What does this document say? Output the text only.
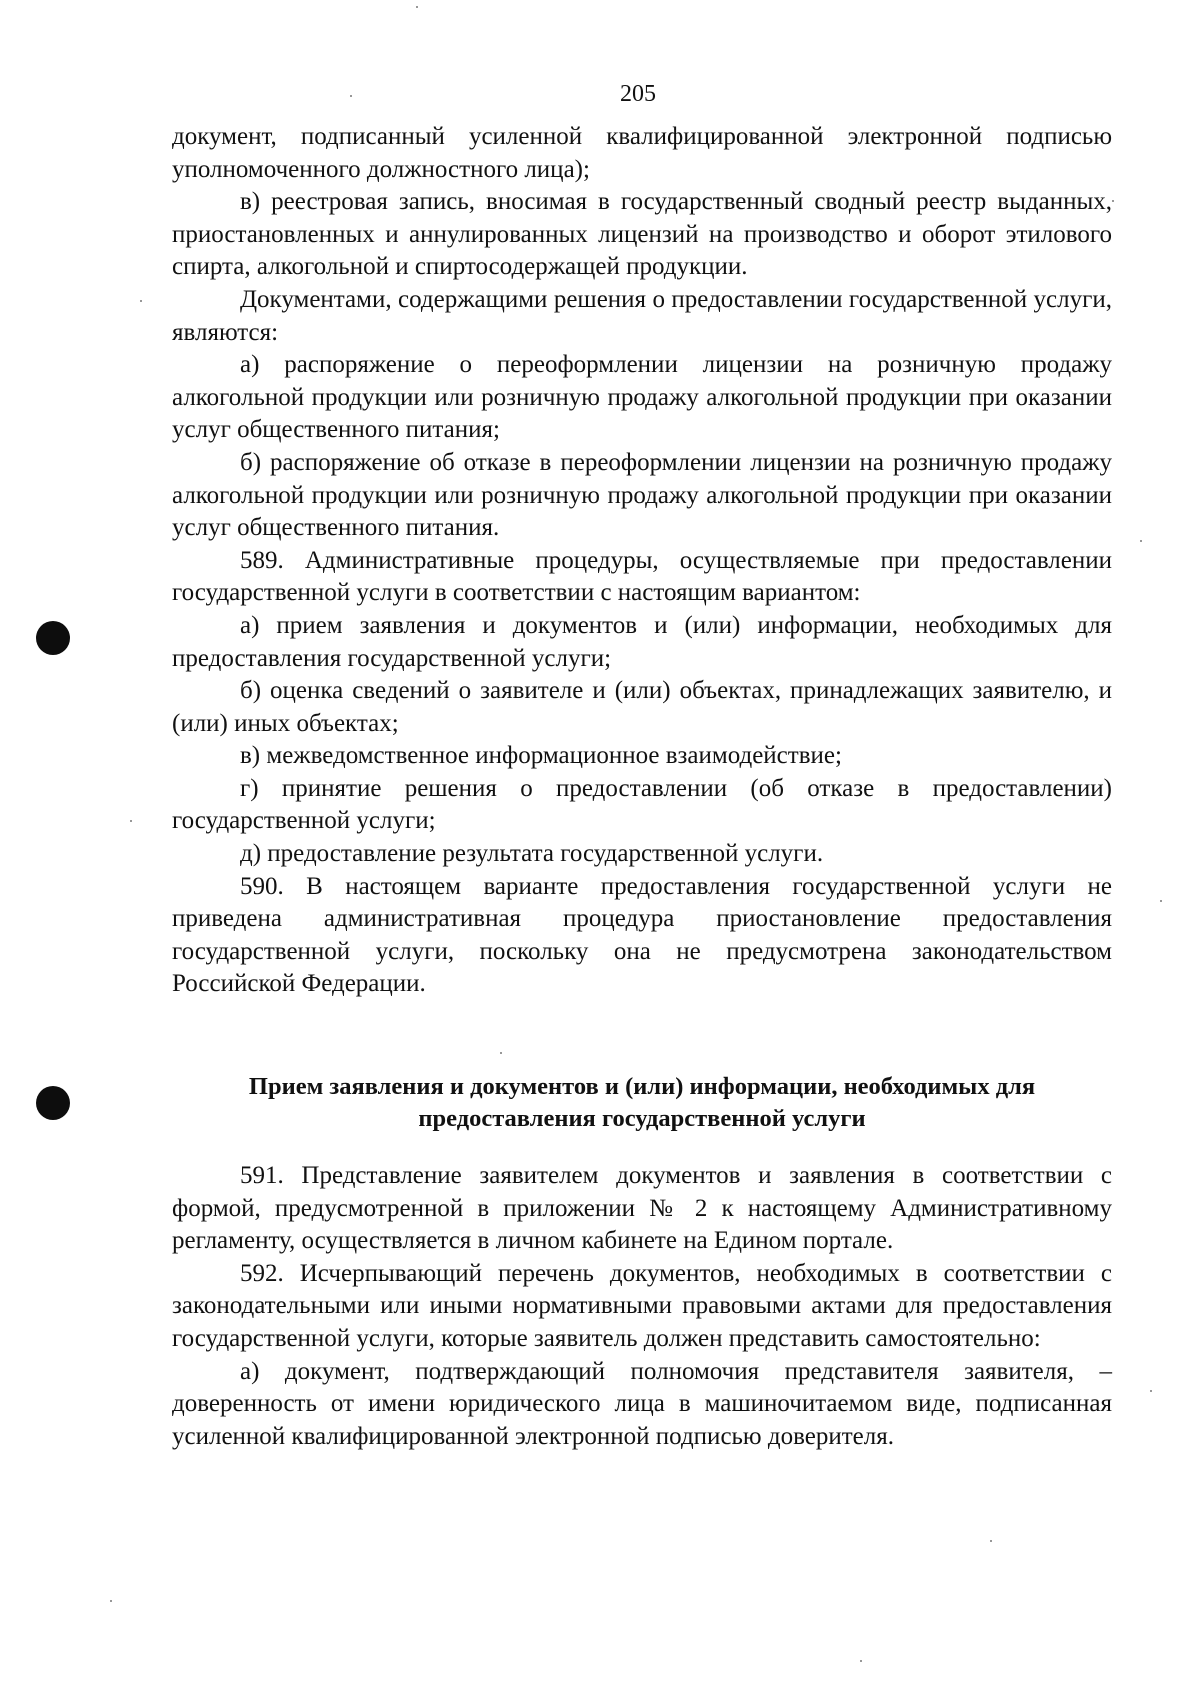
205

документ, подписанный усиленной квалифицированной электронной подписью уполномоченного должностного лица);

в) реестровая запись, вносимая в государственный сводный реестр выданных, приостановленных и аннулированных лицензий на производство и оборот этилового спирта, алкогольной и спиртосодержащей продукции.

Документами, содержащими решения о предоставлении государственной услуги, являются:

а) распоряжение о переоформлении лицензии на розничную продажу алкогольной продукции или розничную продажу алкогольной продукции при оказании услуг общественного питания;

б) распоряжение об отказе в переоформлении лицензии на розничную продажу алкогольной продукции или розничную продажу алкогольной продукции при оказании услуг общественного питания.

589. Административные процедуры, осуществляемые при предоставлении государственной услуги в соответствии с настоящим вариантом:

а) прием заявления и документов и (или) информации, необходимых для предоставления государственной услуги;

б) оценка сведений о заявителе и (или) объектах, принадлежащих заявителю, и (или) иных объектах;

в) межведомственное информационное взаимодействие;

г) принятие решения о предоставлении (об отказе в предоставлении) государственной услуги;

д) предоставление результата государственной услуги.

590. В настоящем варианте предоставления государственной услуги не приведена административная процедура приостановление предоставления государственной услуги, поскольку она не предусмотрена законодательством Российской Федерации.

Прием заявления и документов и (или) информации, необходимых для предоставления государственной услуги

591. Представление заявителем документов и заявления в соответствии с формой, предусмотренной в приложении № 2 к настоящему Административному регламенту, осуществляется в личном кабинете на Едином портале.

592. Исчерпывающий перечень документов, необходимых в соответствии с законодательными или иными нормативными правовыми актами для предоставления государственной услуги, которые заявитель должен представить самостоятельно:

а) документ, подтверждающий полномочия представителя заявителя, – доверенность от имени юридического лица в машиночитаемом виде, подписанная усиленной квалифицированной электронной подписью доверителя.
